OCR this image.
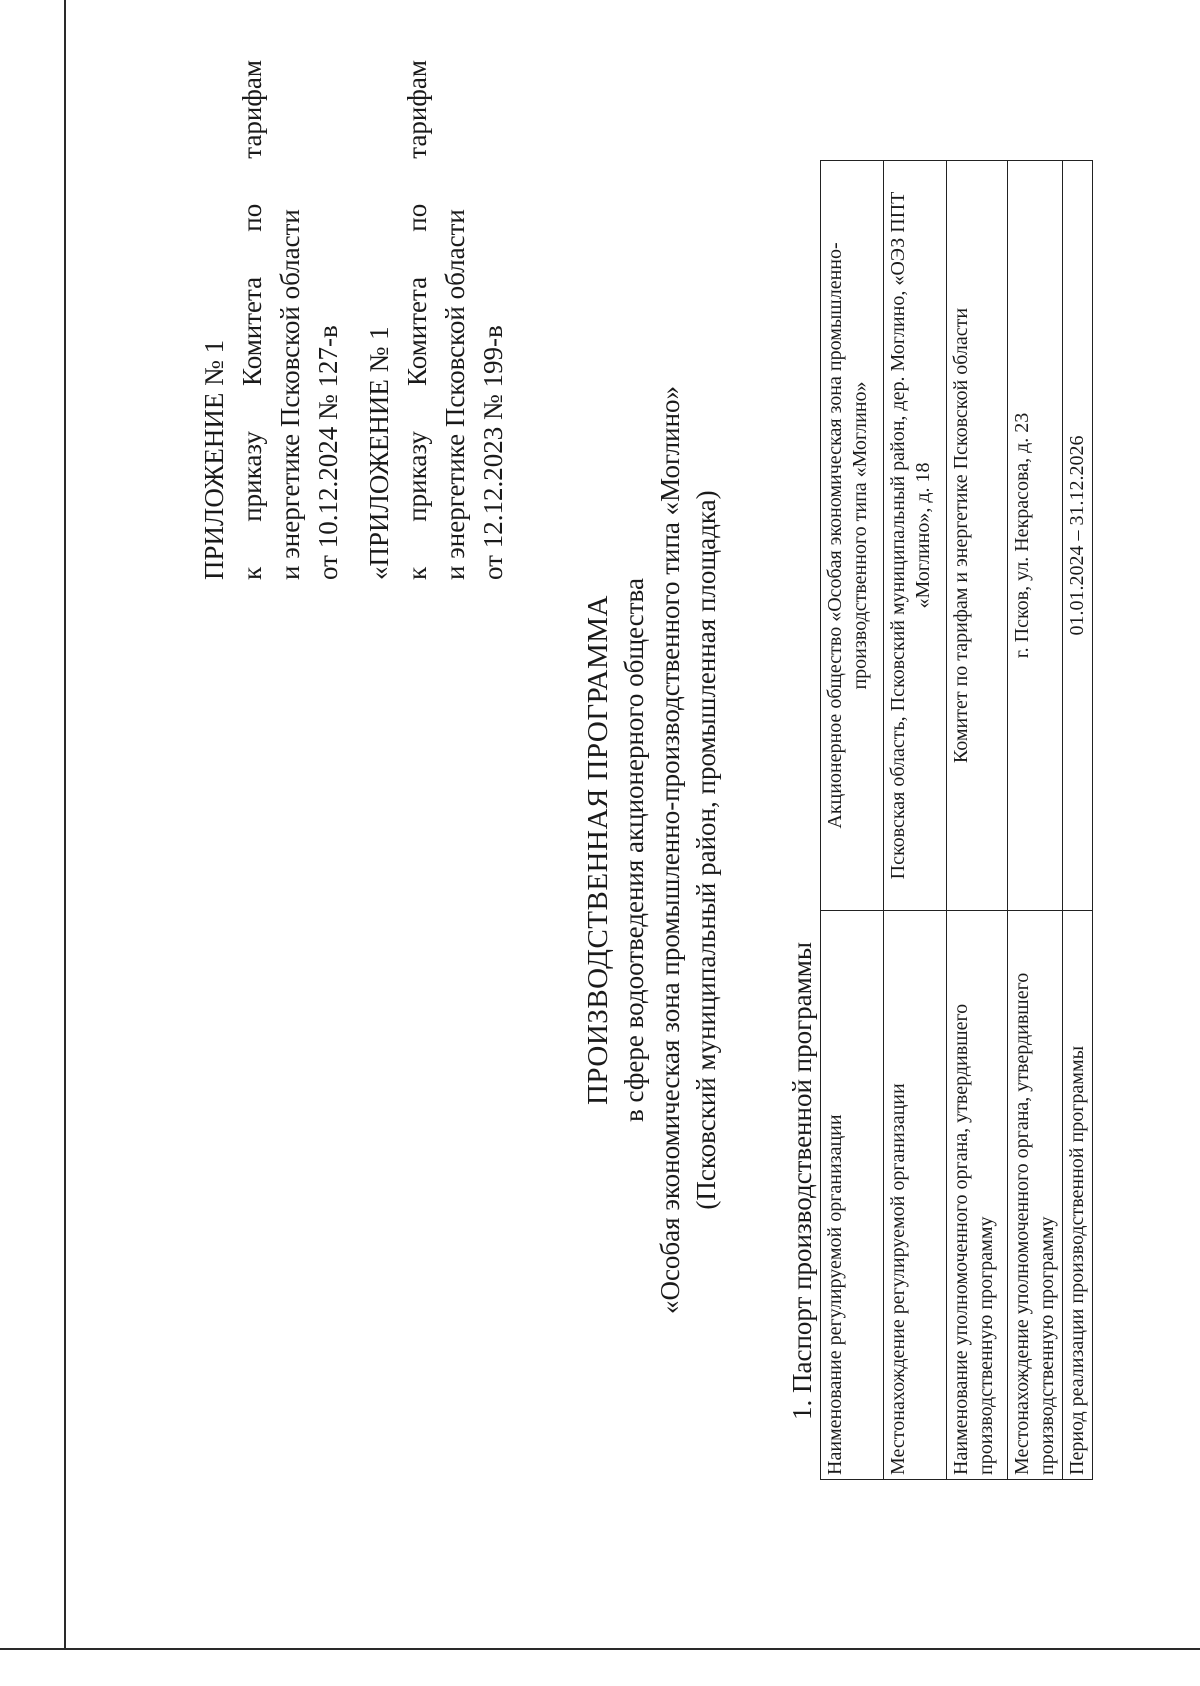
ПРИЛОЖЕНИЕ № 1 к
приказу
Комитета
по
тарифам
и энергетике Псковской области от 10.12.2024 № 127-в «ПРИЛОЖЕНИЕ № 1 к
приказу
Комитета
по
тарифам
и энергетике Псковской области от 12.12.2023 № 199-в
ПРОИЗВОДСТВЕННАЯ ПРОГРАММА в сфере водоотведения акционерного общества «Особая экономическая зона промышленно-производственного типа «Моглино» (Псковский муниципальный район, промышленная площадка) 1. Паспорт производственной программы Наименование регулируемой организации	Акционерное общество «Особая экономическая зона промышленно-производственного типа «Моглино»
Местонахождение регулируемой организации	Псковская область, Псковский муниципальный район, дер. Моглино, «ОЭЗ ППТ «Моглино», д. 18
Наименование уполномоченного органа, утвердившего производственную программу	Комитет по тарифам и энергетике Псковской области
Местонахождение уполномоченного органа, утвердившего производственную программу	г. Псков, ул. Некрасова, д. 23
Период реализации производственной программы	01.01.2024 – 31.12.2026
